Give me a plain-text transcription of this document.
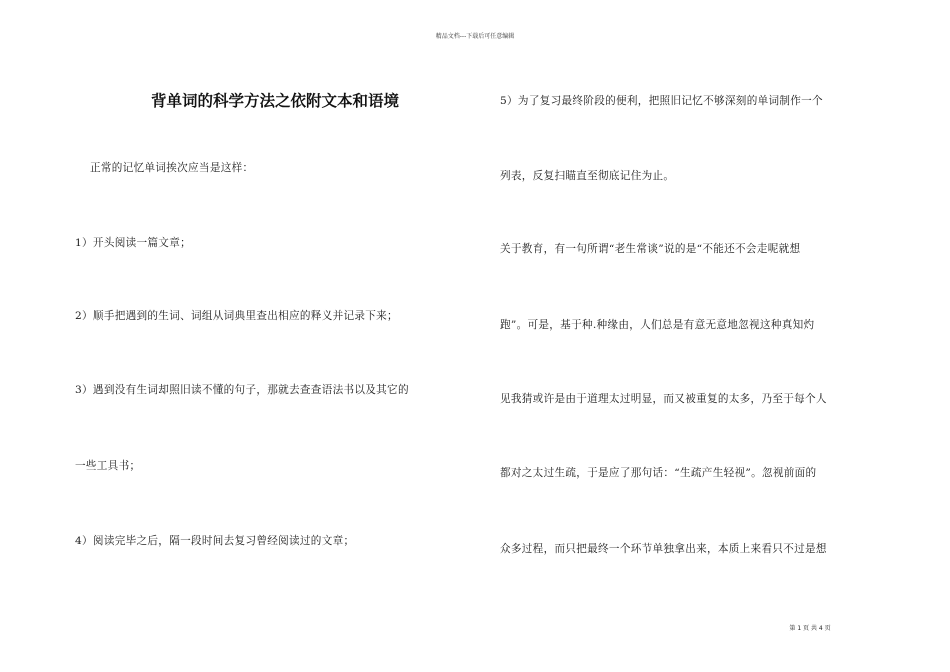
精品文档---下载后可任意编辑
背单词的科学方法之依附文本和语境
正常的记忆单词挨次应当是这样：
1）开头阅读一篇文章；
2）顺手把遇到的生词、词组从词典里查出相应的释义并记录下来；
3）遇到没有生词却照旧读不懂的句子，那就去查查语法书以及其它的
一些工具书；
4）阅读完毕之后，隔一段时间去复习曾经阅读过的文章；
5）为了复习最终阶段的便利，把照旧记忆不够深刻的单词制作一个
列表，反复扫瞄直至彻底记住为止。
关于教育，有一句所谓“老生常谈”说的是“不能还不会走呢就想
跑”。可是，基于种.种缘由，人们总是有意无意地忽视这种真知灼
见我猜或许是由于道理太过明显，而又被重复的太多，乃至于每个人
都对之太过生疏，于是应了那句话：“生疏产生轻视”。忽视前面的
众多过程，而只把最终一个环节单独拿出来，本质上来看只不过是想
第 1 页 共 4 页
